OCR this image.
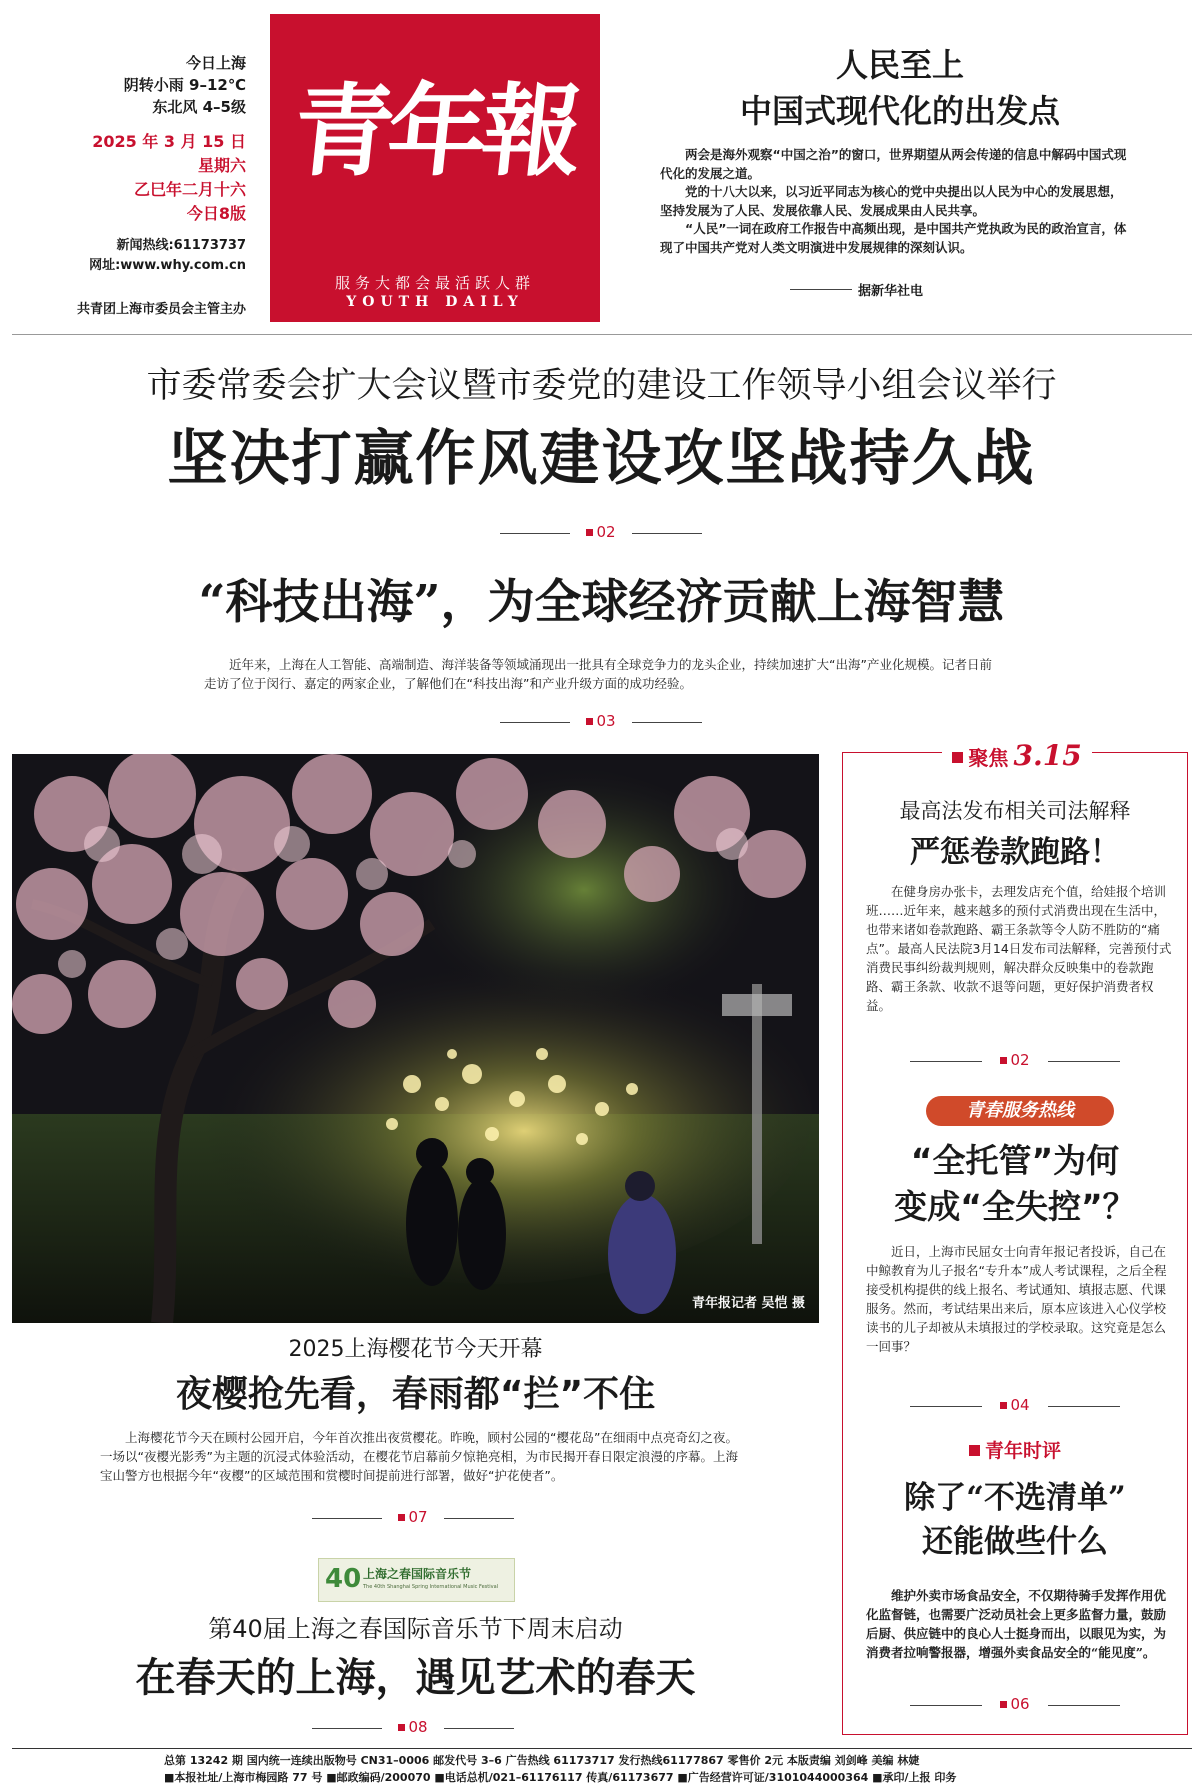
今日上海
阴转小雨 9–12℃
东北风 4–5级
2025 年 3 月 15 日
星期六
乙巳年二月十六
今日8版
新闻热线:61173737
网址:www.why.com.cn
共青团上海市委员会主管主办
青年報
服务大都会最活跃人群
YOUTH DAILY
人民至上
中国式现代化的出发点

两会是海外观察“中国之治”的窗口，世界期望从两会传递的信息中解码中国式现代化的发展之道。

党的十八大以来，以习近平同志为核心的党中央提出以人民为中心的发展思想，坚持发展为了人民、发展依靠人民、发展成果由人民共享。

“人民”一词在政府工作报告中高频出现，是中国共产党执政为民的政治宣言，体现了中国共产党对人类文明演进中发展规律的深刻认识。

据新华社电
市委常委会扩大会议暨市委党的建设工作领导小组会议举行
坚决打赢作风建设攻坚战持久战
02
“科技出海”，为全球经济贡献上海智慧
近年来，上海在人工智能、高端制造、海洋装备等领域涌现出一批具有全球竞争力的龙头企业，持续加速扩大“出海”产业化规模。记者日前走访了位于闵行、嘉定的两家企业，了解他们在“科技出海”和产业升级方面的成功经验。
03
青年报记者 吴恺 摄
2025上海樱花节今天开幕
夜樱抢先看，春雨都“拦”不住
上海樱花节今天在顾村公园开启，今年首次推出夜赏樱花。昨晚，顾村公园的“樱花岛”在细雨中点亮奇幻之夜。一场以“夜樱光影秀”为主题的沉浸式体验活动，在樱花节启幕前夕惊艳亮相，为市民揭开春日限定浪漫的序幕。上海宝山警方也根据今年“夜樱”的区域范围和赏樱时间提前进行部署，做好“护花使者”。
07
40 上海之春国际音乐节
The 40th Shanghai Spring International Music Festival
第40届上海之春国际音乐节下周末启动
在春天的上海，遇见艺术的春天
08
聚焦 3.15
最高法发布相关司法解释
严惩卷款跑路！
在健身房办张卡，去理发店充个值，给娃报个培训班……近年来，越来越多的预付式消费出现在生活中，也带来诸如卷款跑路、霸王条款等令人防不胜防的“痛点”。最高人民法院3月14日发布司法解释，完善预付式消费民事纠纷裁判规则，解决群众反映集中的卷款跑路、霸王条款、收款不退等问题，更好保护消费者权益。
02
青春服务热线
“全托管”为何
变成“全失控”？
近日，上海市民屈女士向青年报记者投诉，自己在中鲸教育为儿子报名“专升本”成人考试课程，之后全程接受机构提供的线上报名、考试通知、填报志愿、代课服务。然而，考试结果出来后，原本应该进入心仪学校读书的儿子却被从未填报过的学校录取。这究竟是怎么一回事？
04
青年时评
除了“不选清单”
还能做些什么
维护外卖市场食品安全，不仅期待骑手发挥作用优化监督链，也需要广泛动员社会上更多监督力量，鼓励后厨、供应链中的良心人士挺身而出，以眼见为实，为消费者拉响警报器，增强外卖食品安全的“能见度”。
06
总第 13242 期 国内统一连续出版物号 CN31–0006 邮发代号 3–6 广告热线 61173717 发行热线61177867 零售价 2元 本版责编 刘剑峰 美编 林婕
■本报社址/上海市梅园路 77 号 ■邮政编码/200070 ■电话总机/021–61176117 传真/61173677 ■广告经营许可证/3101044000364 ■承印/上报 印务
